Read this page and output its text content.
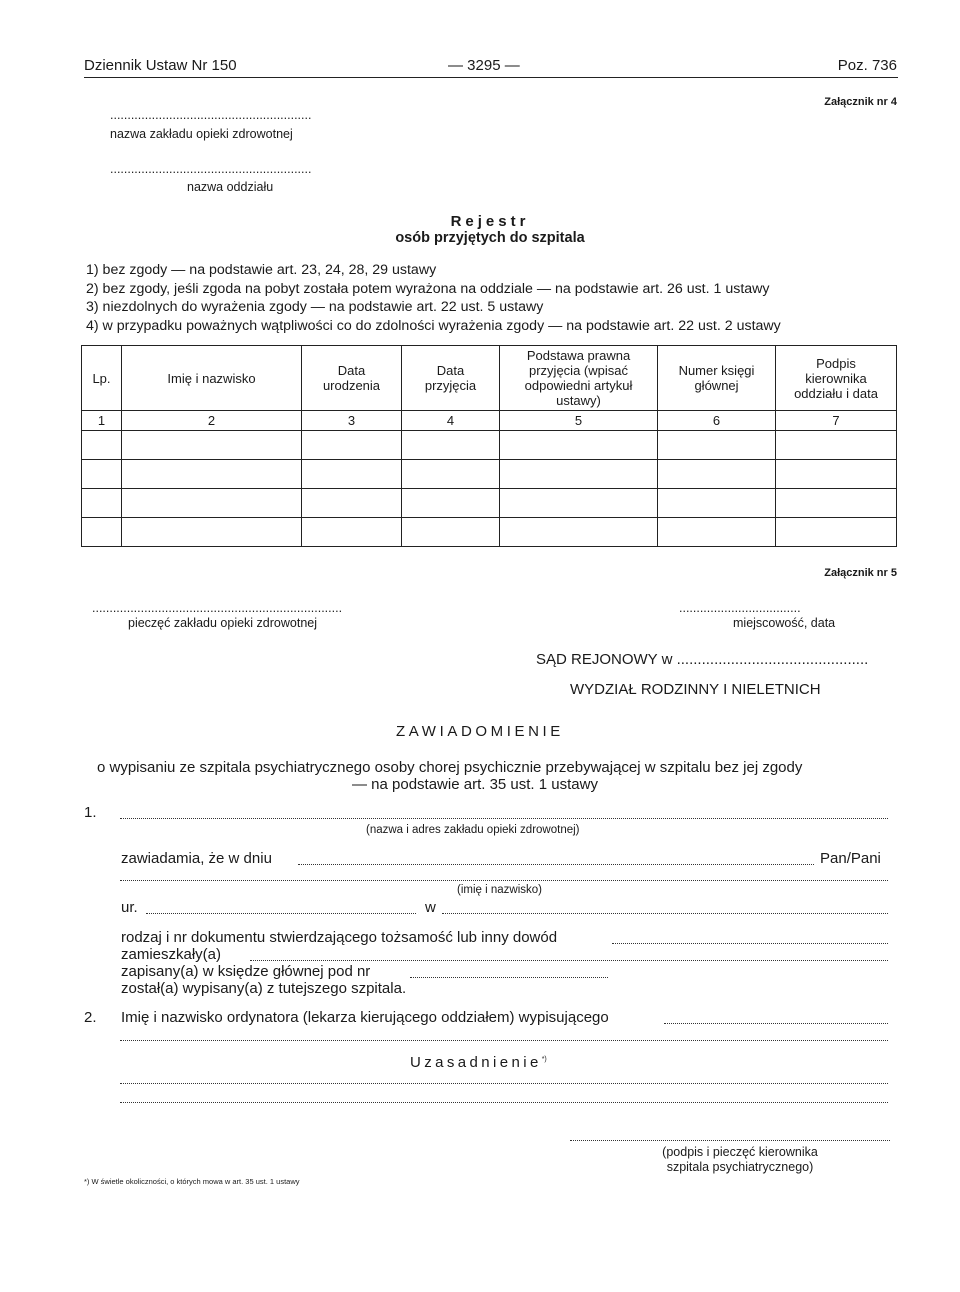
Dziennik Ustaw Nr 150	— 3295 —	Poz. 736
Załącznik nr 4
..........................................................
nazwa zakładu opieki zdrowotnej
..........................................................
nazwa oddziału
Rejestr
osób przyjętych do szpitala
1) bez zgody — na podstawie art. 23, 24, 28, 29 ustawy
2) bez zgody, jeśli zgoda na pobyt została potem wyrażona na oddziale — na podstawie art. 26 ust. 1 ustawy
3) niezdolnych do wyrażenia zgody — na podstawie art. 22 ust. 5 ustawy
4) w przypadku poważnych wątpliwości co do zdolności wyrażenia zgody — na podstawie art. 22 ust. 2 ustawy
Lp.	Imię i nazwisko	Data urodzenia	Data przyjęcia	Podstawa prawna przyjęcia (wpisać odpowiedni artykuł ustawy)	Numer księgi głównej	Podpis kierownika oddziału i data
1	2	3	4	5	6	7

Załącznik nr 5
........................................................................
pieczęć zakładu opieki zdrowotnej
...................................
miejscowość, data
SĄD REJONOWY w ..............................................
WYDZIAŁ RODZINNY I NIELETNICH
ZAWIADOMIENIE
o wypisaniu ze szpitala psychiatrycznego osoby chorej psychicznie przebywającej w szpitalu bez jej zgody
— na podstawie art. 35 ust. 1 ustawy
1.
(nazwa i adres zakładu opieki zdrowotnej)
zawiadamia, że w dniu	Pan/Pani
(imię i nazwisko)
ur.	w
rodzaj i nr dokumentu stwierdzającego tożsamość lub inny dowód
zamieszkały(a)
zapisany(a) w księdze głównej pod nr
został(a) wypisany(a) z tutejszego szpitala.
2. Imię i nazwisko ordynatora (lekarza kierującego oddziałem) wypisującego
Uzasadnienie*)
(podpis i pieczęć kierownika
szpitala psychiatrycznego)
*) W świetle okoliczności, o których mowa w art. 35 ust. 1 ustawy
